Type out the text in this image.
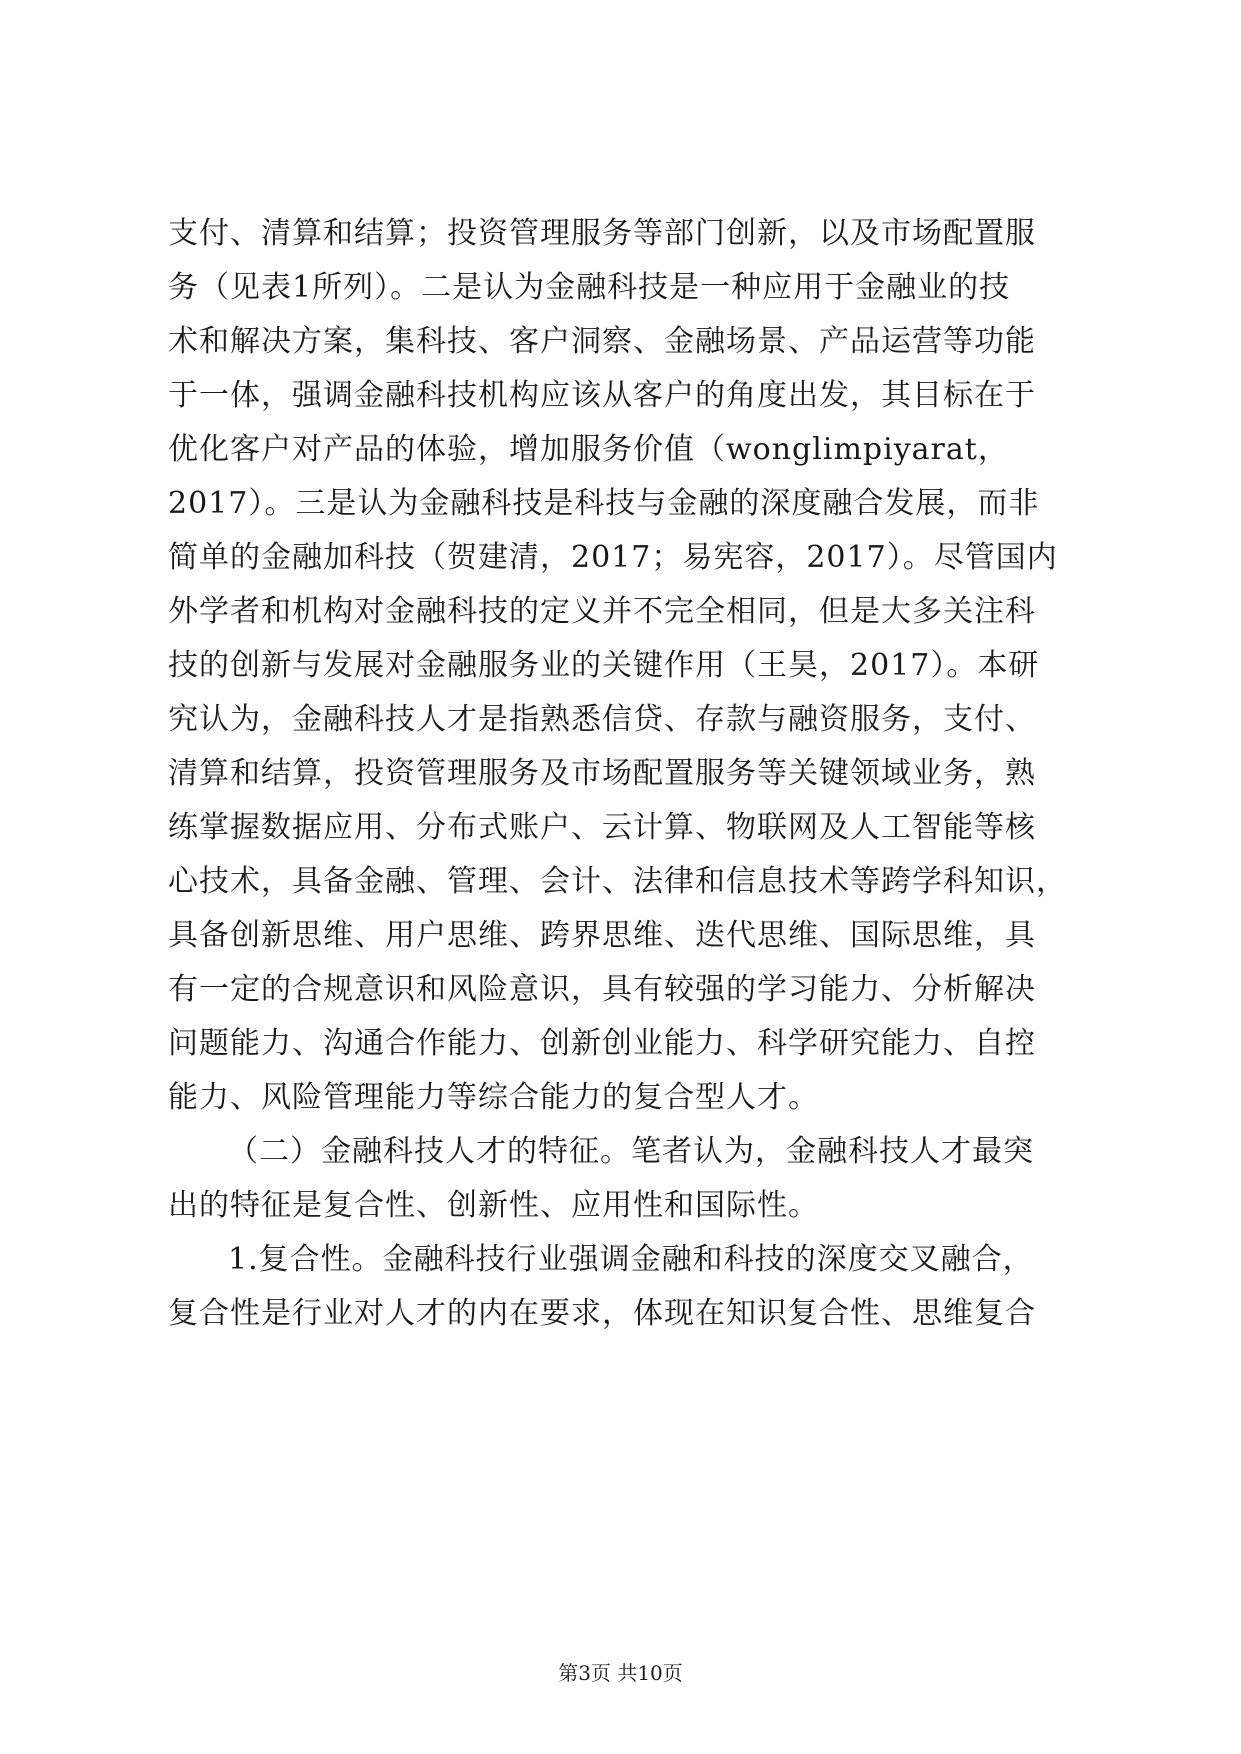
支付、清算和结算；投资管理服务等部门创新，以及市场配置服
务（见表1所列）。二是认为金融科技是一种应用于金融业的技
术和解决方案，集科技、客户洞察、金融场景、产品运营等功能
于一体，强调金融科技机构应该从客户的角度出发，其目标在于
优化客户对产品的体验，增加服务价值（wonglimpiyarat，
2017）。三是认为金融科技是科技与金融的深度融合发展，而非
简单的金融加科技（贺建清，2017；易宪容，2017）。尽管国内
外学者和机构对金融科技的定义并不完全相同，但是大多关注科
技的创新与发展对金融服务业的关键作用（王昊，2017）。本研
究认为，金融科技人才是指熟悉信贷、存款与融资服务，支付、
清算和结算，投资管理服务及市场配置服务等关键领域业务，熟
练掌握数据应用、分布式账户、云计算、物联网及人工智能等核
心技术，具备金融、管理、会计、法律和信息技术等跨学科知识，
具备创新思维、用户思维、跨界思维、迭代思维、国际思维，具
有一定的合规意识和风险意识，具有较强的学习能力、分析解决
问题能力、沟通合作能力、创新创业能力、科学研究能力、自控
能力、风险管理能力等综合能力的复合型人才。
（二）金融科技人才的特征。笔者认为，金融科技人才最突
出的特征是复合性、创新性、应用性和国际性。
1.复合性。金融科技行业强调金融和科技的深度交叉融合，
复合性是行业对人才的内在要求，体现在知识复合性、思维复合
第3页 共10页
